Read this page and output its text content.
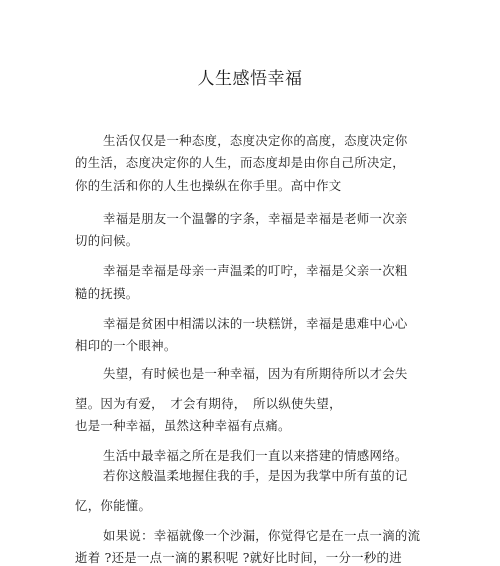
人生感悟幸福
生活仅仅是一种态度，态度决定你的高度，态度决定你
的生活，态度决定你的人生，而态度却是由你自己所决定，
你的生活和你的人生也操纵在你手里。高中作文
幸福是朋友一个温馨的字条，幸福是幸福是老师一次亲
切的问候。
幸福是幸福是母亲一声温柔的叮咛，幸福是父亲一次粗
糙的抚摸。
幸福是贫困中相濡以沫的一块糕饼，幸福是患难中心心
相印的一个眼神。
失望，有时候也是一种幸福，因为有所期待所以才会失
望。因为有爱，　才会有期待，　所以纵使失望，
也是一种幸福，虽然这种幸福有点痛。
生活中最幸福之所在是我们一直以来搭建的情感网络。
若你这般温柔地握住我的手，是因为我掌中所有茧的记
忆，你能懂。
如果说：幸福就像一个沙漏，你觉得它是在一点一滴的流
逝着 ?还是一点一滴的累积呢 ?就好比时间，一分一秒的进
